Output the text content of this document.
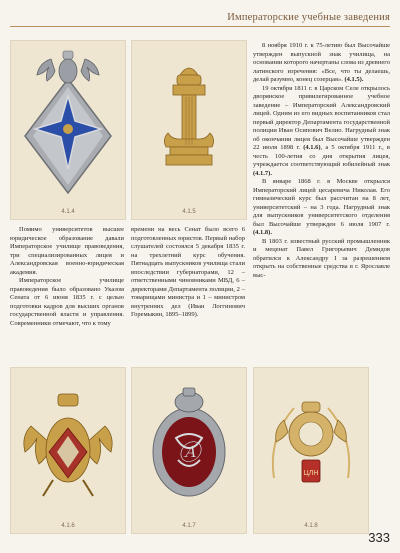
Императорские учебные заведения
4.1.4	4.1.5

Помимо университетов высшее юридическое образование давали Императорское училище правоведения, три специализированных лицея и Александровская военно-юридическая академия.

Императорское училище правоведения было образовано Указом Сената от 6 июня 1835 г. с целью подготовки кадров для высших органов государственной власти и управления. Современники отмечают, что к тому

времени на весь Сенат было всего 6 подготовленных юристов. Первый набор слушателей состоялся 5 декабря 1835 г. на трехлетний курс обучения. Пятнадцать выпускников училища стали впоследствии губернаторами, 12 – ответственными чиновниками МВД, 6 – директорами Департамента полиции, 2 – товарищами министра и 1 – министром внутренних дел (Иван Логгинович Горемыкин, 1895–1899).

8 ноября 1910 г. к 75-летию был Высочайше утвержден выпускной знак училища, на основании которого начертаны слова из древнего латинского изречения: «Все, что ты делаешь, делай разумно, конец созерцая». (4.1.5).

19 октября 1811 г. в Царском Селе открылось дворянское привилегированное учебное заведение – Императорский Александровский лицей. Одним из его видных воспитанников стал первый директор Департамента государственной полиции Иван Осипович Велио. Нагрудный знак об окончании лицея был Высочайше утвержден 22 июля 1898 г. (4.1.6), а 5 октября 1911 г., в честь 100-летия со дня открытия лицея, учреждается соответствующий юбилейный знак (4.1.7).

В январе 1868 г. в Москве открылся Императорский лицей цесаревича Николая. Его гимназический курс был рассчитан на 8 лет, университетский – на 3 года. Нагрудный знак для выпускников университетского отделения был Высочайше утвержден 6 июля 1907 г. (4.1.8).

В 1803 г. известный русский промышленник и меценат Павел Григорьевич Демидов обратился к Александру I за разрешением открыть на собственные средства в г. Ярославле выс-

4.1.6
Ⓐ
4.1.7
ЦЛН
4.1.8
333
